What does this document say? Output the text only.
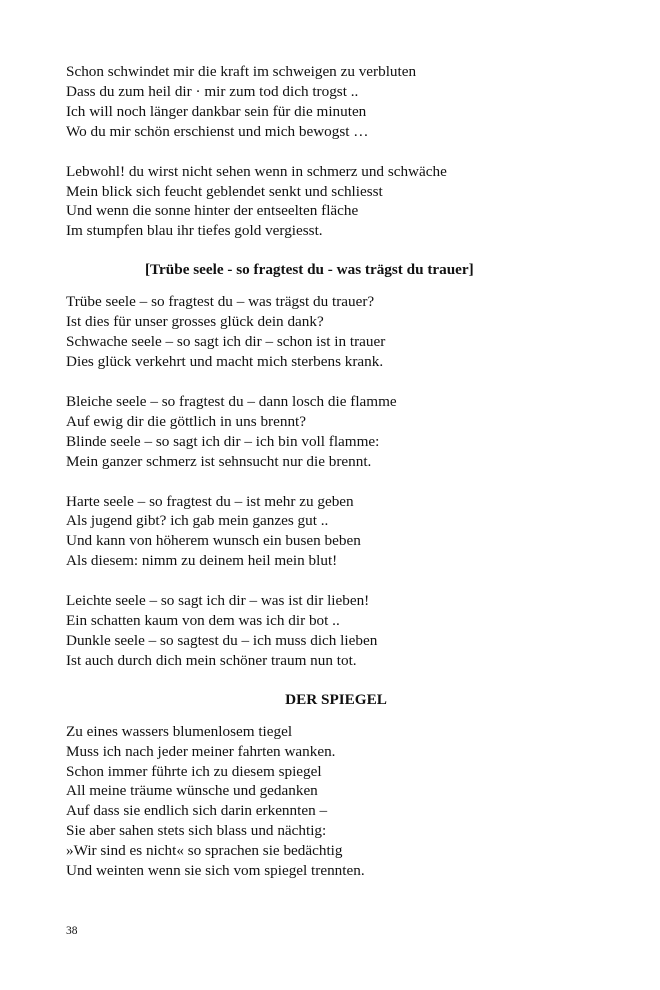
Schon schwindet mir die kraft im schweigen zu verbluten
Dass du zum heil dir · mir zum tod dich trogst ..
Ich will noch länger dankbar sein für die minuten
Wo du mir schön erschienst und mich bewogst …
Lebwohl! du wirst nicht sehen wenn in schmerz und schwäche
Mein blick sich feucht geblendet senkt und schliesst
Und wenn die sonne hinter der entseelten fläche
Im stumpfen blau ihr tiefes gold vergiesst.
[Trübe seele - so fragtest du - was trägst du trauer]
Trübe seele – so fragtest du – was trägst du trauer?
Ist dies für unser grosses glück dein dank?
Schwache seele – so sagt ich dir – schon ist in trauer
Dies glück verkehrt und macht mich sterbens krank.
Bleiche seele – so fragtest du – dann losch die flamme
Auf ewig dir die göttlich in uns brennt?
Blinde seele – so sagt ich dir – ich bin voll flamme:
Mein ganzer schmerz ist sehnsucht nur die brennt.
Harte seele – so fragtest du – ist mehr zu geben
Als jugend gibt? ich gab mein ganzes gut ..
Und kann von höherem wunsch ein busen beben
Als diesem: nimm zu deinem heil mein blut!
Leichte seele – so sagt ich dir – was ist dir lieben!
Ein schatten kaum von dem was ich dir bot ..
Dunkle seele – so sagtest du – ich muss dich lieben
Ist auch durch dich mein schöner traum nun tot.
DER SPIEGEL
Zu eines wassers blumenlosem tiegel
Muss ich nach jeder meiner fahrten wanken.
Schon immer führte ich zu diesem spiegel
All meine träume wünsche und gedanken
Auf dass sie endlich sich darin erkennten –
Sie aber sahen stets sich blass und nächtig:
»Wir sind es nicht« so sprachen sie bedächtig
Und weinten wenn sie sich vom spiegel trennten.
38
